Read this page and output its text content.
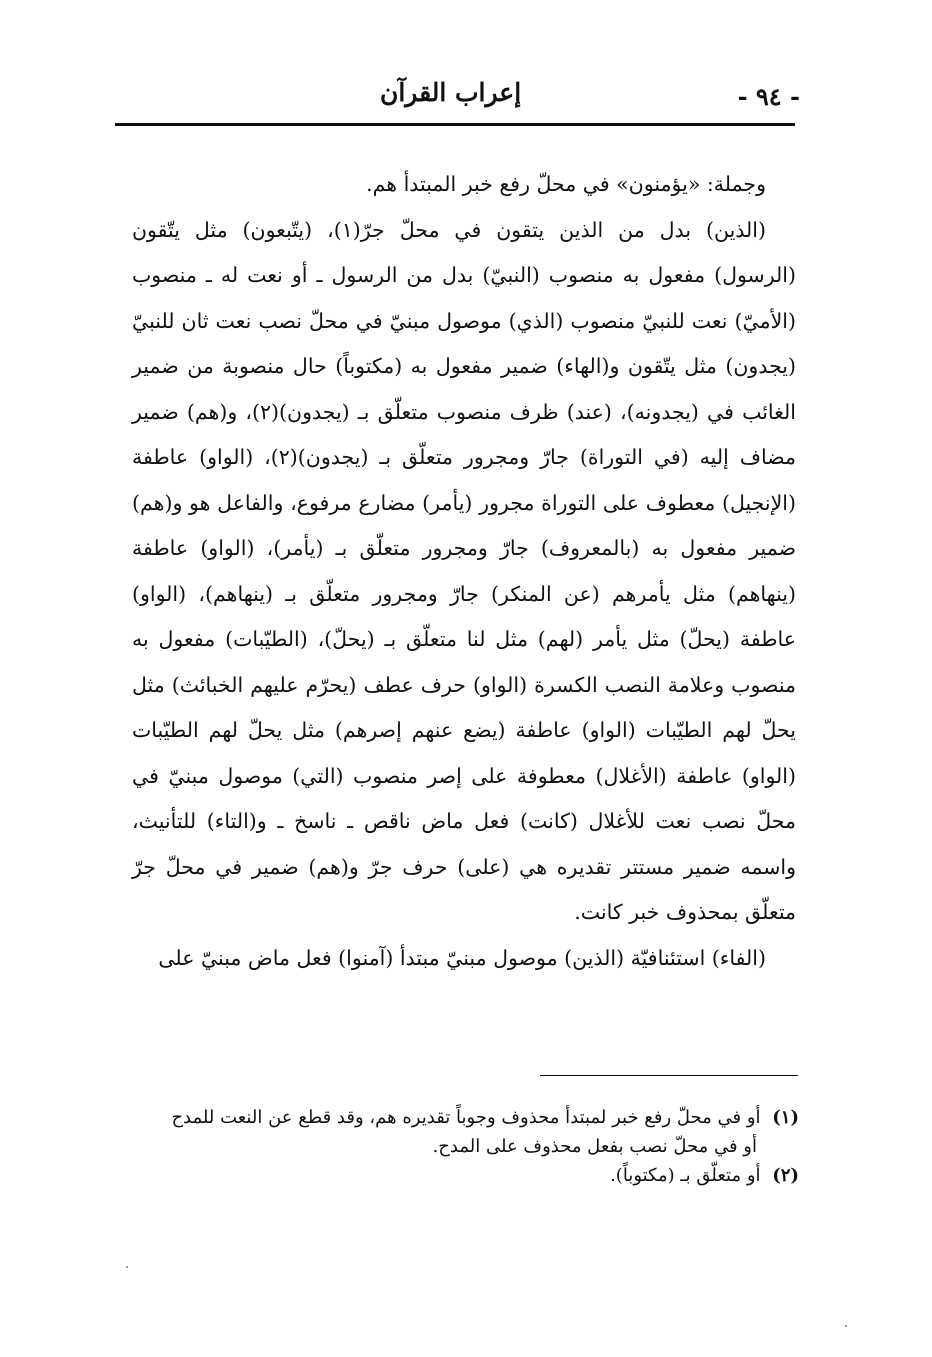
- ٩٤ -
إعراب القرآن

وجملة: «يؤمنون» في محلّ رفع خبر المبتدأ هم.

(الذين) بدل من الذين يتقون في محلّ جرّ(١)، (يتّبعون) مثل يتّقون (الرسول) مفعول به منصوب (النبيّ) بدل من الرسول ـ أو نعت له ـ منصوب (الأميّ) نعت للنبيّ منصوب (الذي) موصول مبنيّ في محلّ نصب نعت ثان للنبيّ (يجدون) مثل يتّقون و(الهاء) ضمير مفعول به (مكتوباً) حال منصوبة من ضمير الغائب في (يجدونه)، (عند) ظرف منصوب متعلّق بـ (يجدون)(٢)، و(هم) ضمير مضاف إليه (في التوراة) جارّ ومجرور متعلّق بـ (يجدون)(٢)، (الواو) عاطفة (الإنجيل) معطوف على التوراة مجرور (يأمر) مضارع مرفوع، والفاعل هو و(هم) ضمير مفعول به (بالمعروف) جارّ ومجرور متعلّق بـ (يأمر)، (الواو) عاطفة (ينهاهم) مثل يأمرهم (عن المنكر) جارّ ومجرور متعلّق بـ (ينهاهم)، (الواو) عاطفة (يحلّ) مثل يأمر (لهم) مثل لنا متعلّق بـ (يحلّ)، (الطيّبات) مفعول به منصوب وعلامة النصب الكسرة (الواو) حرف عطف (يحرّم عليهم الخبائث) مثل يحلّ لهم الطيّبات (الواو) عاطفة (يضع عنهم إصرهم) مثل يحلّ لهم الطيّبات (الواو) عاطفة (الأغلال) معطوفة على إصر منصوب (التي) موصول مبنيّ في محلّ نصب نعت للأغلال (كانت) فعل ماض ناقص ـ ناسخ ـ و(التاء) للتأنيث، واسمه ضمير مستتر تقديره هي (على) حرف جرّ و(هم) ضمير في محلّ جرّ متعلّق بمحذوف خبر كانت.

(الفاء) استئنافيّة (الذين) موصول مبنيّ مبتدأ (آمنوا) فعل ماض مبنيّ على

(١) أو في محلّ رفع خبر لمبتدأ محذوف وجوباً تقديره هم، وقد قطع عن النعت للمدح
أو في محلّ نصب بفعل محذوف على المدح.

(٢) أو متعلّق بـ (مكتوباً).
